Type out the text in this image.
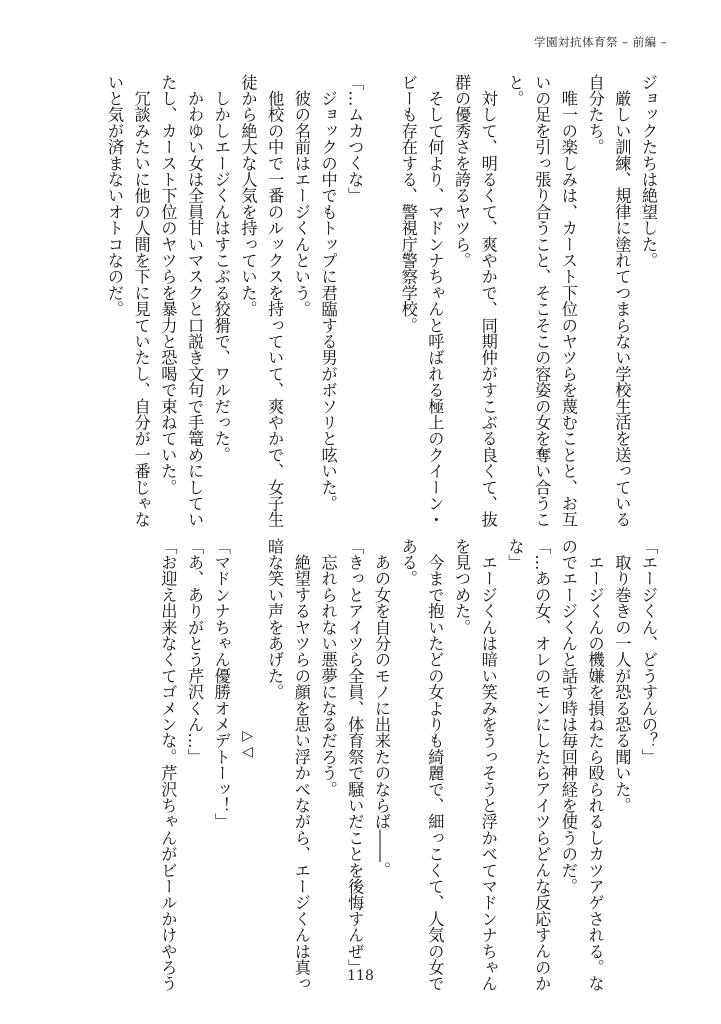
学園対抗体育祭 – 前編 –
ジョックたちは絶望した。
　厳しい訓練、規律に塗れてつまらない学校生活を送っている
自分たち。
　唯一の楽しみは、カースト下位のヤツらを蔑むことと、お互
いの足を引っ張り合うこと、そこそこの容姿の女を奪い合うこ
と。
　対して、明るくて、爽やかで、同期仲がすこぶる良くて、抜
群の優秀さを誇るヤツら。
　そして何より、マドンナちゃんと呼ばれる極上のクイーン・
ビーも存在する、警視庁警察学校。
「…ムカつくな」
　ジョックの中でもトップに君臨する男がボソリと呟いた。
　彼の名前はエージくんという。
　他校の中で一番のルックスを持っていて、爽やかで、女子生
徒から絶大な人気を持っていた。
　しかしエージくんはすこぶる狡猾で、ワルだった。
　かわゆい女は全員甘いマスクと口説き文句で手篭めにしてい
たし、カースト下位のヤツらを暴力と恐喝で束ねていた。
　冗談みたいに他の人間を下に見ていたし、自分が一番じゃな
いと気が済まないオトコなのだ。
「エージくん、どうすんの？」
　取り巻きの一人が恐る恐る聞いた。
　エージくんの機嫌を損ねたら殴られるしカツアゲされる。な
のでエージくんと話す時は毎回神経を使うのだ。
「…あの女、オレのモンにしたらアイツらどんな反応すんのか
な」
　エージくんは暗い笑みをうっそうと浮かべてマドンナちゃん
を見つめた。
　今まで抱いたどの女よりも綺麗で、細っこくて、人気の女で
ある。
　あの女を自分のモノに出来たのならば――。
「きっとアイツら全員、体育祭で騒いだことを後悔すんぜ」
　忘れられない悪夢になるだろう。
　絶望するヤツらの顔を思い浮かべながら、エージくんは真っ
暗な笑い声をあげた。
▷◁
「マドンナちゃん優勝オメデトーッ！」
「あ、ありがとう芹沢くん…」
「お迎え出来なくてゴメンな。芹沢ちゃんがビールかけやろう	118
